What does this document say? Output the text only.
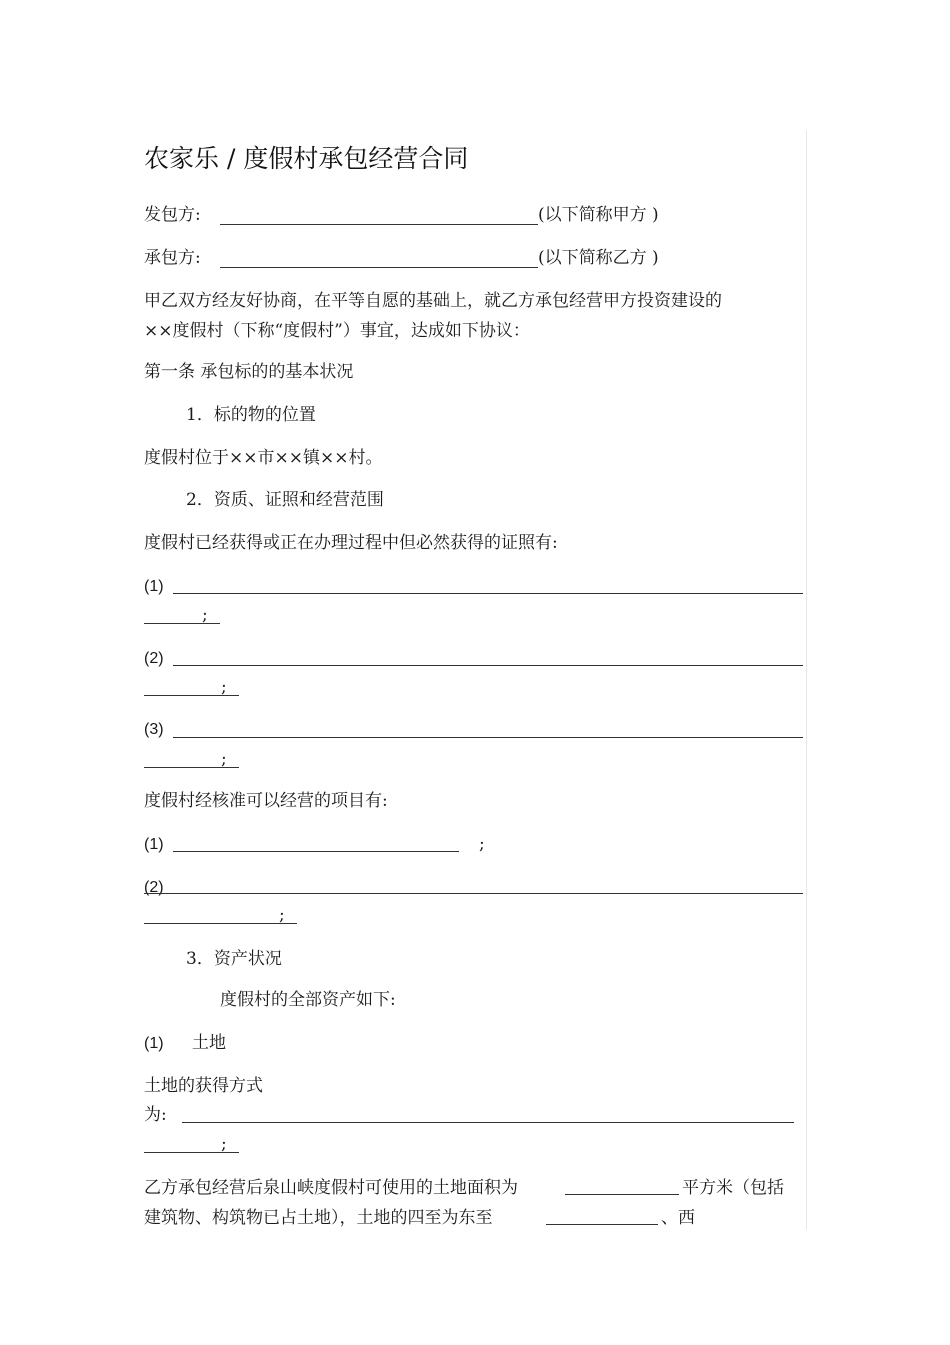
农家乐 / 度假村承包经营合同
发包方:	(以下简称甲方 )
承包方:	(以下简称乙方 )
甲乙双方经友好协商，在平等自愿的基础上，就乙方承包经营甲方投资建设的
××度假村（下称“度假村”）事宜，达成如下协议：
第一条 承包标的的基本状况
1．标的物的位置
度假村位于××市××镇××村。
2．资质、证照和经营范围
度假村已经获得或正在办理过程中但必然获得的证照有:
(1)
;
(2)
;
(3)
;
度假村经核准可以经营的项目有:
(1)	;
(2)
;
3．资产状况
度假村的全部资产如下:
(1) 土地
土地的获得方式
为:
;
乙方承包经营后泉山峡度假村可使用的土地面积为	平方米（包括
建筑物、构筑物已占土地），土地的四至为东至	、西
